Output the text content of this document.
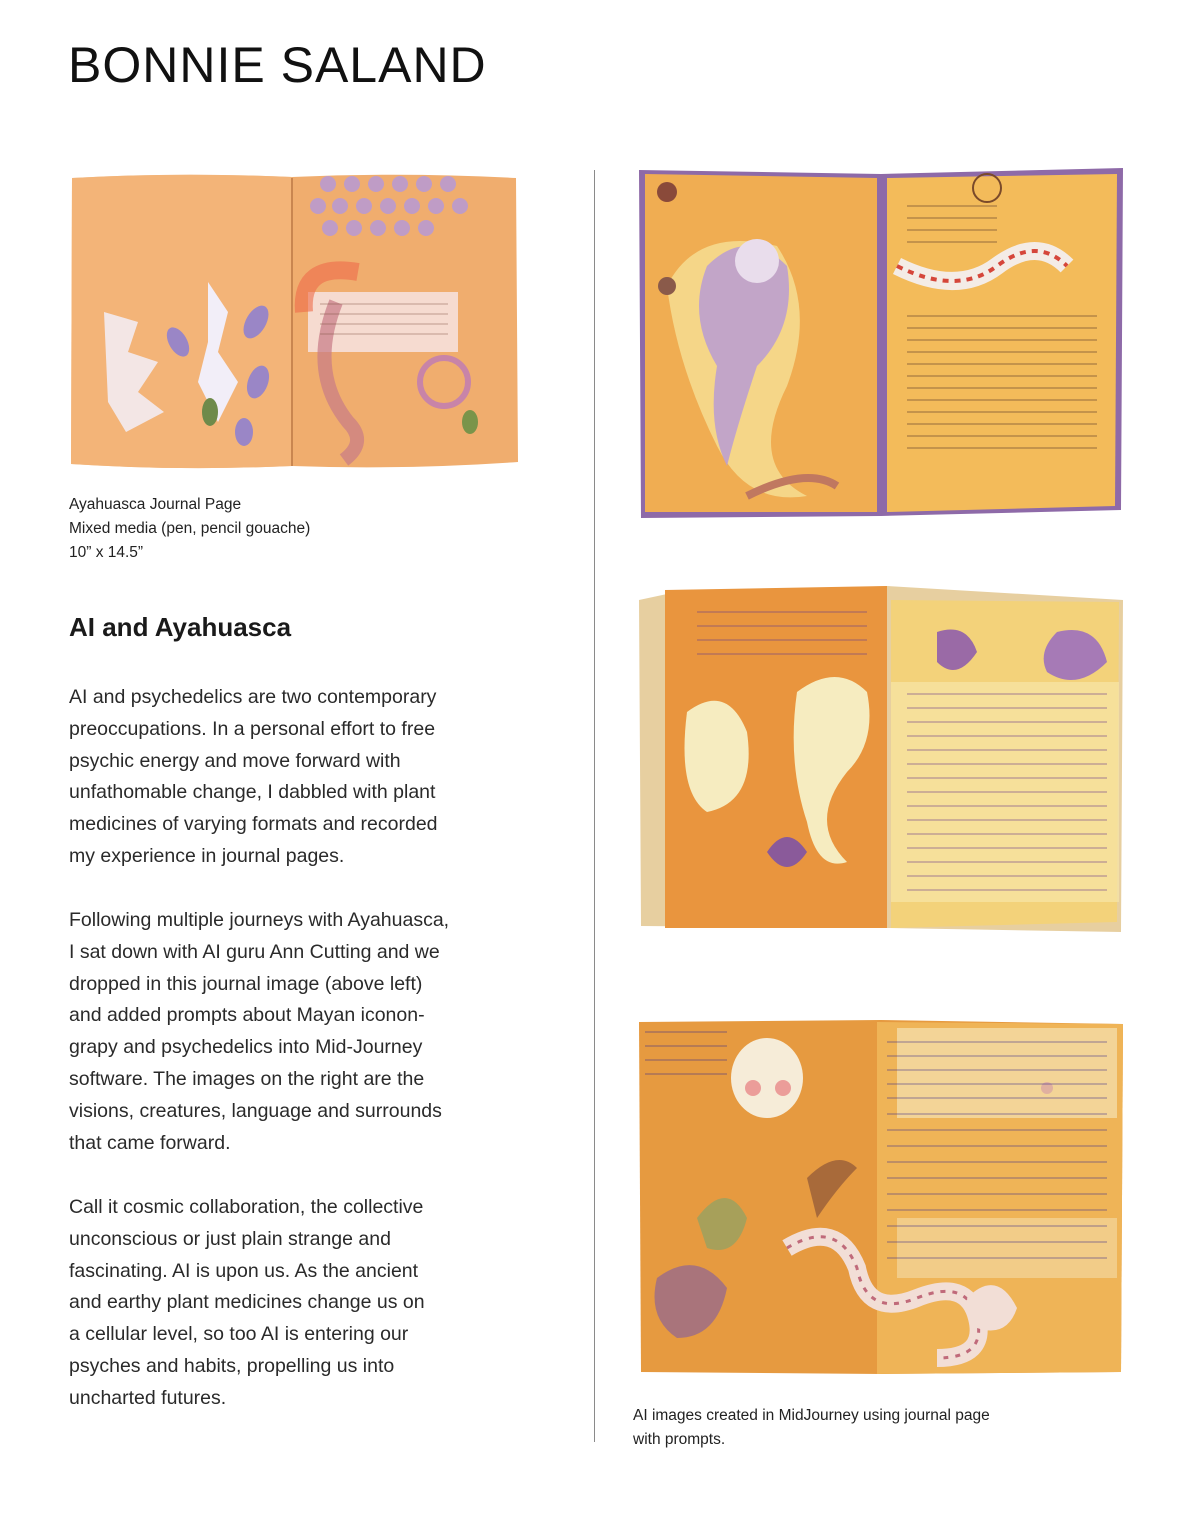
BONNIE SALAND
Ayahuasca Journal Page
Mixed media (pen, pencil gouache)
10” x 14.5”
AI and Ayahuasca
AI and psychedelics are two contemporary
preoccupations. In a personal effort to free
psychic energy and move forward with
unfathomable change, I dabbled with plant
medicines of varying formats and recorded
my experience in journal pages.
Following multiple journeys with Ayahuasca,
I sat down with AI guru Ann Cutting and we
dropped in this journal image (above left)
and added prompts about Mayan iconon-
grapy and psychedelics into Mid-Journey
software. The images on the right are the
visions, creatures, language and surrounds
that came forward.
Call it cosmic collaboration, the collective
unconscious or just plain strange and
fascinating. AI is upon us. As the ancient
and earthy plant medicines change us on
a cellular level, so too AI is entering our
psyches and habits, propelling us into
uncharted futures.
AI images created in MidJourney using journal page
with prompts.
